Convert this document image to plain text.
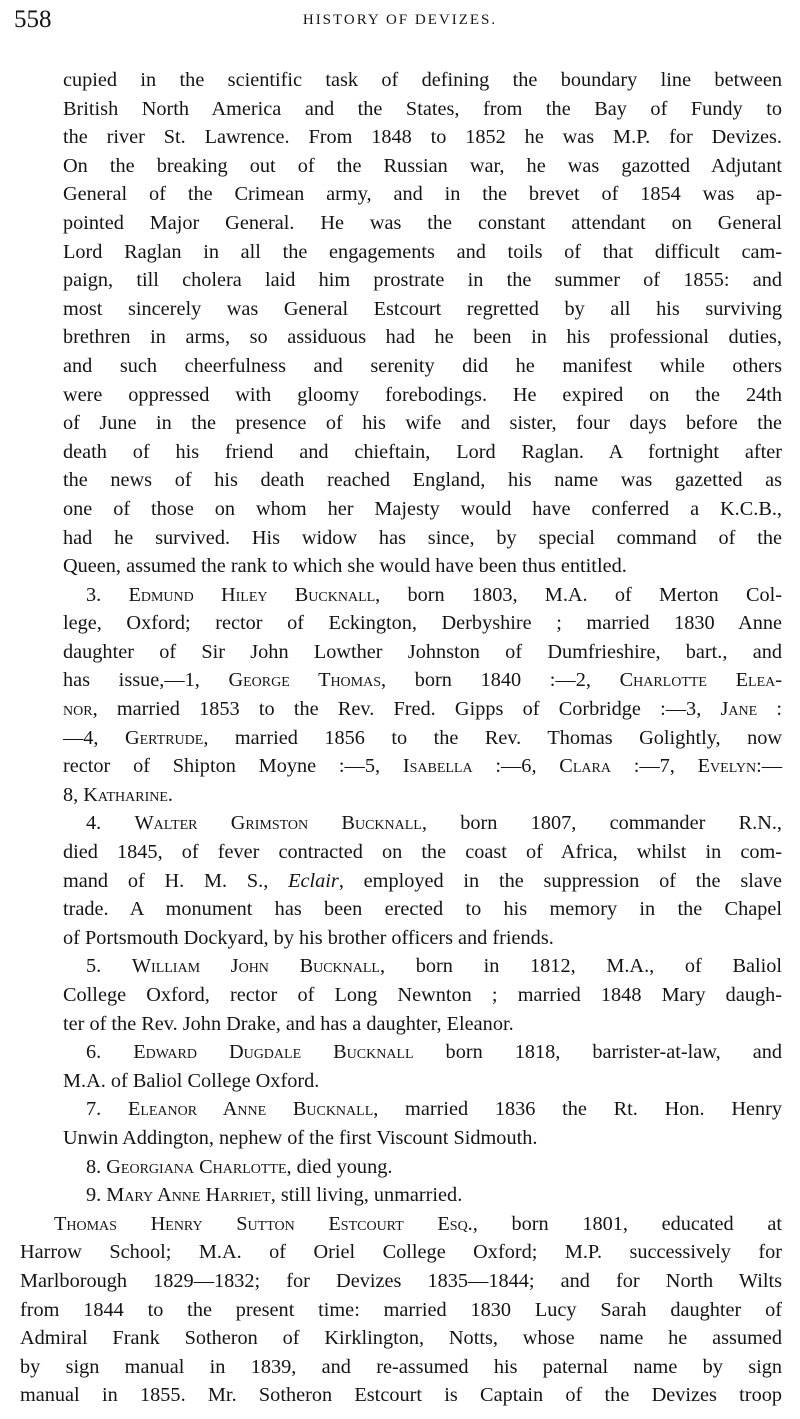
558	HISTORY OF DEVIZES.
cupied in the scientific task of defining the boundary line between
British North America and the States, from the Bay of Fundy to
the river St. Lawrence. From 1848 to 1852 he was M.P. for Devizes.
On the breaking out of the Russian war, he was gazotted Adjutant
General of the Crimean army, and in the brevet of 1854 was ap-
pointed Major General. He was the constant attendant on General
Lord Raglan in all the engagements and toils of that difficult cam-
paign, till cholera laid him prostrate in the summer of 1855: and
most sincerely was General Estcourt regretted by all his surviving
brethren in arms, so assiduous had he been in his professional duties,
and such cheerfulness and serenity did he manifest while others
were oppressed with gloomy forebodings. He expired on the 24th
of June in the presence of his wife and sister, four days before the
death of his friend and chieftain, Lord Raglan. A fortnight after
the news of his death reached England, his name was gazetted as
one of those on whom her Majesty would have conferred a K.C.B.,
had he survived. His widow has since, by special command of the
Queen, assumed the rank to which she would have been thus entitled.
3. Edmund Hiley Bucknall, born 1803, M.A. of Merton Col-
lege, Oxford; rector of Eckington, Derbyshire ; married 1830 Anne
daughter of Sir John Lowther Johnston of Dumfrieshire, bart., and
has issue,—1, George Thomas, born 1840 :—2, Charlotte Elea-
nor, married 1853 to the Rev. Fred. Gipps of Corbridge :—3, Jane :
—4, Gertrude, married 1856 to the Rev. Thomas Golightly, now
rector of Shipton Moyne :—5, Isabella :—6, Clara :—7, Evelyn:—
8, Katharine.
4. Walter Grimston Bucknall, born 1807, commander R.N.,
died 1845, of fever contracted on the coast of Africa, whilst in com-
mand of H. M. S., Eclair, employed in the suppression of the slave
trade. A monument has been erected to his memory in the Chapel
of Portsmouth Dockyard, by his brother officers and friends.
5. William John Bucknall, born in 1812, M.A., of Baliol
College Oxford, rector of Long Newnton ; married 1848 Mary daugh-
ter of the Rev. John Drake, and has a daughter, Eleanor.
6. Edward Dugdale Bucknall born 1818, barrister-at-law, and
M.A. of Baliol College Oxford.
7. Eleanor Anne Bucknall, married 1836 the Rt. Hon. Henry
Unwin Addington, nephew of the first Viscount Sidmouth.
8. Georgiana Charlotte, died young.
9. Mary Anne Harriet, still living, unmarried.
Thomas Henry Sutton Estcourt Esq., born 1801, educated at
Harrow School; M.A. of Oriel College Oxford; M.P. successively for
Marlborough 1829—1832; for Devizes 1835—1844; and for North Wilts
from 1844 to the present time: married 1830 Lucy Sarah daughter of
Admiral Frank Sotheron of Kirklington, Notts, whose name he assumed
by sign manual in 1839, and re-assumed his paternal name by sign
manual in 1855. Mr. Sotheron Estcourt is Captain of the Devizes troop
